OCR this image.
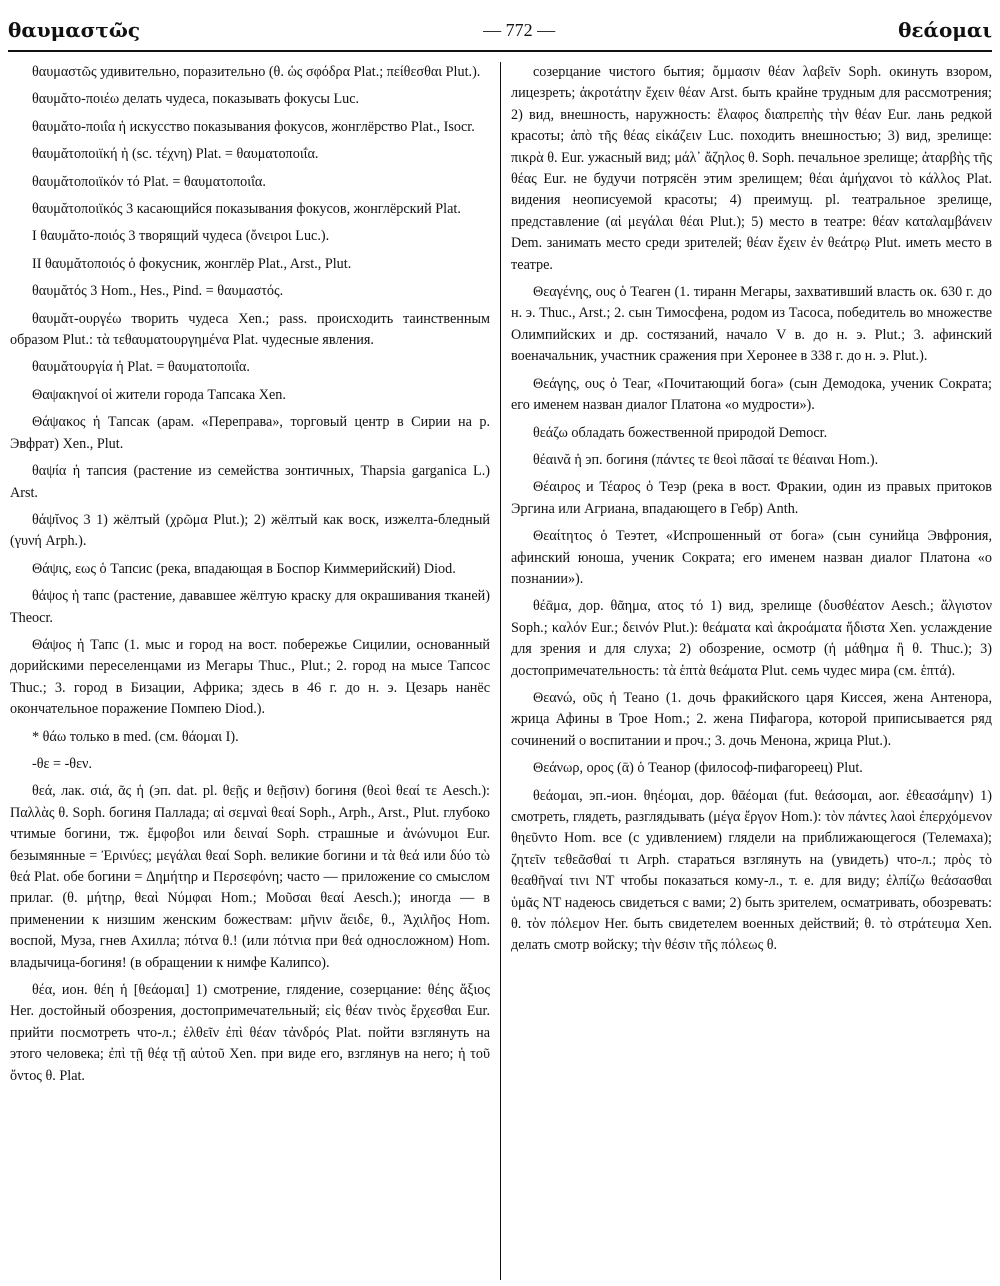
θαυμαστῶς	— 772 —	θεάομαι

θαυμαστῶς удивительно, поразительно (θ. ὡς σφόδρα Plat.; πείθεσθαι Plut.).

θαυμᾰτο-ποιέω делать чудеса, показывать фокусы Luc.

θαυμᾰτο-ποιΐα ἡ искусство показывания фокусов, жонглёрство Plat., Isocr.

θαυμᾰτοποιϊκή ἡ (sc. τέχνη) Plat. = θαυματοποιΐα.

θαυμᾰτοποιϊκόν τό Plat. = θαυματοποιΐα.

θαυμᾰτοποιϊκός 3 касающийся показывания фокусов, жонглёрский Plat.

I θαυμᾰτο-ποιός 3 творящий чудеса (ὄνειροι Luc.).

II θαυμᾰτοποιός ὁ фокусник, жонглёр Plat., Arst., Plut.

θαυμᾰτός 3 Hom., Hes., Pind. = θαυμαστός.

θαυμᾰτ-ουργέω творить чудеса Xen.; pass. происходить таинственным образом Plut.: τὰ τεθαυματουργημένα Plat. чудесные явления.

θαυμᾰτουργία ἡ Plat. = θαυματοποιΐα.

Θαψακηνοί οἱ жители города Тапсака Xen.

Θάψακος ἡ Тапсак (арам. «Переправа», торговый центр в Сирии на р. Эвфрат) Xen., Plut.

θαψία ἡ тапсия (растение из семейства зонтичных, Thapsia garganica L.) Arst.

θάψῐνος 3 1) жёлтый (χρῶμα Plut.); 2) жёлтый как воск, изжелта-бледный (γυνή Arph.).

Θάψις, εως ὁ Тапсис (река, впадающая в Боспор Киммерийский) Diod.

θάψος ἡ тапс (растение, дававшее жёлтую краску для окрашивания тканей) Theocr.

Θάψος ἡ Тапс (1. мыс и город на вост. побережье Сицилии, основанный дорийскими переселенцами из Мегары Thuc., Plut.; 2. город на мысе Тапсос Thuc.; 3. город в Бизации, Африка; здесь в 46 г. до н. э. Цезарь нанёс окончательное поражение Помпею Diod.).

* θάω только в med. (см. θάομαι I).

-θε = -θεν.

θεά, лак. σιά, ᾶς ἡ (эп. dat. pl. θεῇς и θεῇσιν) богиня (θεοὶ θεαί τε Aesch.): Παλλὰς θ. Soph. богиня Паллада; αἱ σεμναὶ θεαί Soph., Arph., Arst., Plut. глубоко чтимые богини, тж. ἔμφοβοι или δειναί Soph. страшные и ἀνώνυμοι Eur. безымянные = Ἐρινύες; μεγάλαι θεαί Soph. великие богини и τὰ θεά или δύο τὼ θεά Plat. обе богини = Δημήτηρ и Περσεφόνη; часто — приложение со смыслом прилаг. (θ. μήτηρ, θεαὶ Νύμφαι Hom.; Μοῦσαι θεαί Aesch.); иногда — в применении к низшим женским божествам: μῆνιν ἄειδε, θ., Ἀχιλῆος Hom. воспой, Муза, гнев Ахилла; πότνα θ.! (или πότνια при θεά односложном) Hom. владычица-богиня! (в обращении к нимфе Калипсо).

θέα, ион. θέη ἡ [θεάομαι] 1) смотрение, глядение, созерцание: θέης ἄξιος Her. достойный обозрения, достопримечательный; εἰς θέαν τινὸς ἔρχεσθαι Eur. прийти посмотреть что-л.; ἐλθεῖν ἐπὶ θέαν τἀνδρός Plat. пойти взглянуть на этого человека; ἐπὶ τῇ θέᾳ τῇ αὐτοῦ Xen. при виде его, взглянув на него; ἡ τοῦ ὄντος θ. Plat.

созерцание чистого бытия; ὄμμασιν θέαν λαβεῖν Soph. окинуть взором, лицезреть; ἀκροτάτην ἔχειν θέαν Arst. быть крайне трудным для рассмотрения; 2) вид, внешность, наружность: ἔλαφος διαπρεπὴς τὴν θέαν Eur. лань редкой красоты; ἀπὸ τῆς θέας εἰκάζειν Luc. походить внешностью; 3) вид, зрелище: πικρὰ θ. Eur. ужасный вид; μάλ᾽ ἄζηλος θ. Soph. печальное зрелище; ἀταρβὴς τῆς θέας Eur. не будучи потрясён этим зрелищем; θέαι ἀμήχανοι τὸ κάλλος Plat. видения неописуемой красоты; 4) преимущ. pl. театральное зрелище, представление (αἱ μεγάλαι θέαι Plut.); 5) место в театре: θέαν καταλαμβάνειν Dem. занимать место среди зрителей; θέαν ἔχειν ἐν θεάτρῳ Plut. иметь место в театре.

Θεαγένης, ους ὁ Теаген (1. тиранн Мегары, захвативший власть ок. 630 г. до н. э. Thuc., Arst.; 2. сын Тимосфена, родом из Тасоса, победитель во множестве Олимпийских и др. состязаний, начало V в. до н. э. Plut.; 3. афинский военачальник, участник сражения при Херонее в 338 г. до н. э. Plut.).

Θεάγης, ους ὁ Теаг, «Почитающий бога» (сын Демодока, ученик Сократа; его именем назван диалог Платона «о мудрости»).

θεάζω обладать божественной природой Democr.

θέαινᾰ ἡ эп. богиня (πάντες τε θεοὶ πᾶσαί τε θέαιναι Hom.).

Θέαιρος и Τέαρος ὁ Теэр (река в вост. Фракии, один из правых притоков Эргина или Агриана, впадающего в Гебр) Anth.

Θεαίτητος ὁ Теэтет, «Испрошенный от бога» (сын сунийца Эвфрония, афинский юноша, ученик Сократа; его именем назван диалог Платона «о познании»).

θέᾱμα, дор. θᾶημα, ατος τό 1) вид, зрелище (δυσθέατον Aesch.; ἄλγιστον Soph.; καλόν Eur.; δεινόν Plut.): θεάματα καὶ ἀκροάματα ἥδιστα Xen. услаждение для зрения и для слуха; 2) обозрение, осмотр (ἡ μάθημα ἢ θ. Thuc.); 3) достопримечательность: τὰ ἑπτὰ θεάματα Plut. семь чудес мира (см. ἑπτά).

Θεανώ, οῦς ἡ Теано (1. дочь фракийского царя Киссея, жена Антенора, жрица Афины в Трое Hom.; 2. жена Пифагора, которой приписывается ряд сочинений о воспитании и проч.; 3. дочь Менона, жрица Plut.).

Θεάνωρ, ορος (ᾱ) ὁ Теанор (философ-пифагореец) Plut.

θεάομαι, эп.-ион. θηέομαι, дор. θᾱέομαι (fut. θεάσομαι, aor. ἐθεασάμην) 1) смотреть, глядеть, разглядывать (μέγα ἔργον Hom.): τὸν πάντες λαοὶ ἐπερχόμενον θηεῦντο Hom. все (с удивлением) глядели на приближающегося (Телемаха); ζητεῖν τεθεᾶσθαί τι Arph. стараться взглянуть на (увидеть) что-л.; πρὸς τὸ θεαθῆναί τινι NT чтобы показаться кому-л., т. е. для виду; ἐλπίζω θεάσασθαι ὑμᾶς NT надеюсь свидеться с вами; 2) быть зрителем, осматривать, обозревать: θ. τὸν πόλεμον Her. быть свидетелем военных действий; θ. τὸ στράτευμα Xen. делать смотр войску; τὴν θέσιν τῆς πόλεως θ.
